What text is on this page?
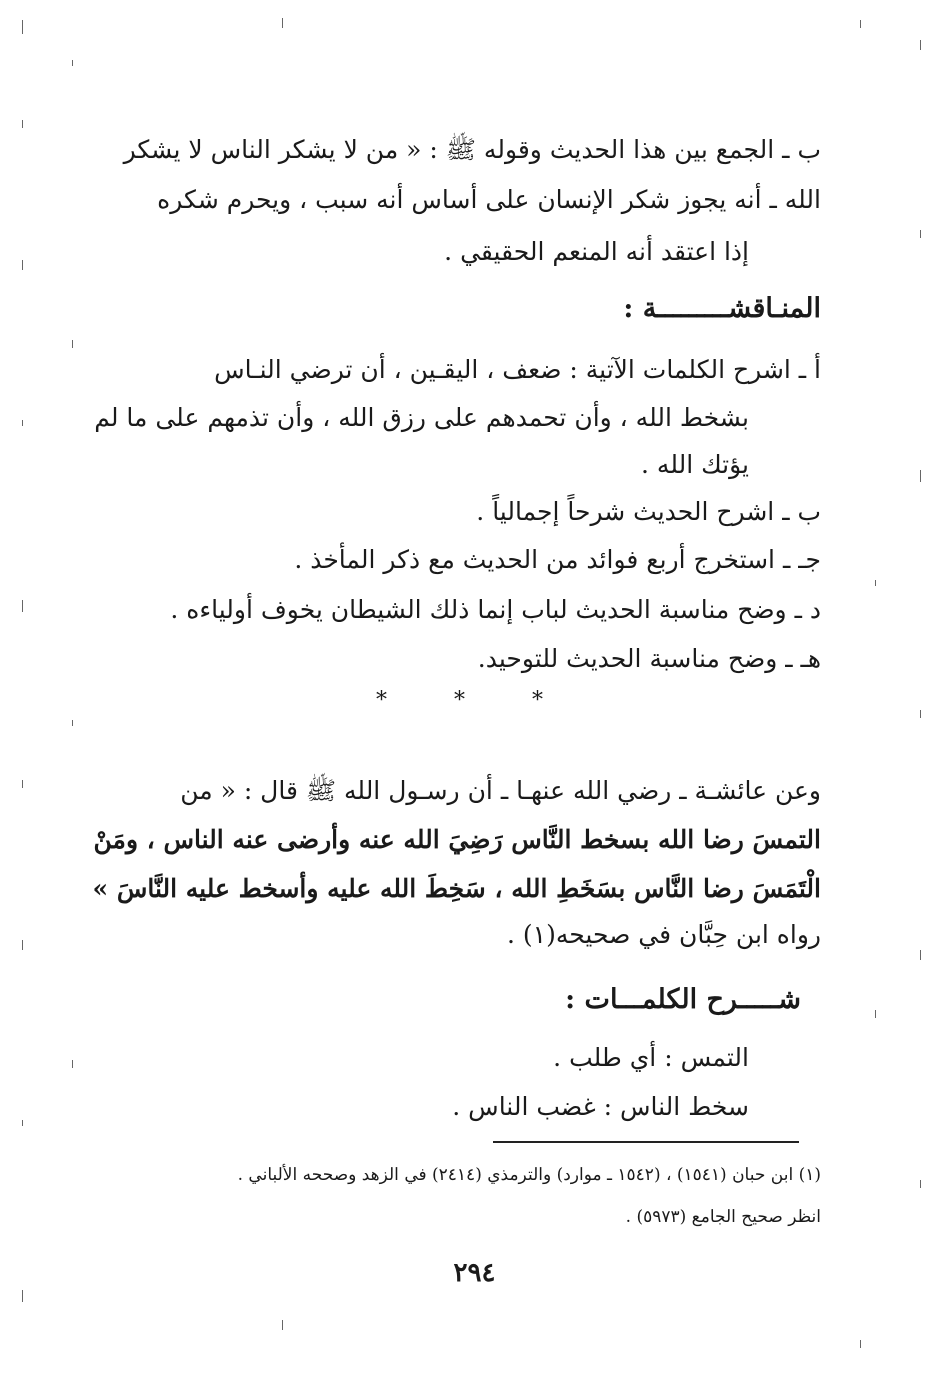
ب ـ الجمع بين هذا الحديث وقوله ﷺ : « من لا يشكر الناس لا يشكر
الله ـ أنه يجوز شكر الإنسان على أساس أنه سبب ، ويحرم شكره
إذا اعتقد أنه المنعم الحقيقي .
المنـاقشـــــــــة :
أ ـ اشرح الكلمات الآتية : ضعف ، اليقـين ، أن ترضي النـاس
بشخط الله ، وأن تحمدهم على رزق الله ، وأن تذمهم على ما لم
يؤتك الله .
ب ـ اشرح الحديث شرحاً إجمالياً .
جـ ـ استخرج أربع فوائد من الحديث مع ذكر المأخذ .
د ـ وضح مناسبة الحديث لباب إنما ذلك الشيطان يخوف أولياءه .
هـ ـ وضح مناسبة الحديث للتوحيد.
* * *
وعن عائشـة ـ رضي الله عنهـا ـ أن رسـول الله ﷺ قال : « من
التمسَ رضا الله بسخط النَّاس رَضِيَ الله عنه وأرضى عنه الناس ، ومَنْ
الْتَمَسَ رضا النَّاس بسَخَطِ الله ، سَخِطَ الله عليه وأسخط عليه النَّاسَ »
رواه ابن حِبَّان في صحيحه(١) .
شـــــرح الكلمـــات :
التمس : أي طلب .
سخط الناس : غضب الناس .
(١) ابن حبان (١٥٤١) ، (١٥٤٢ ـ موارد) والترمذي (٢٤١٤) في الزهد وصححه الألباني .
انظر صحيح الجامع (٥٩٧٣) .
٢٩٤
